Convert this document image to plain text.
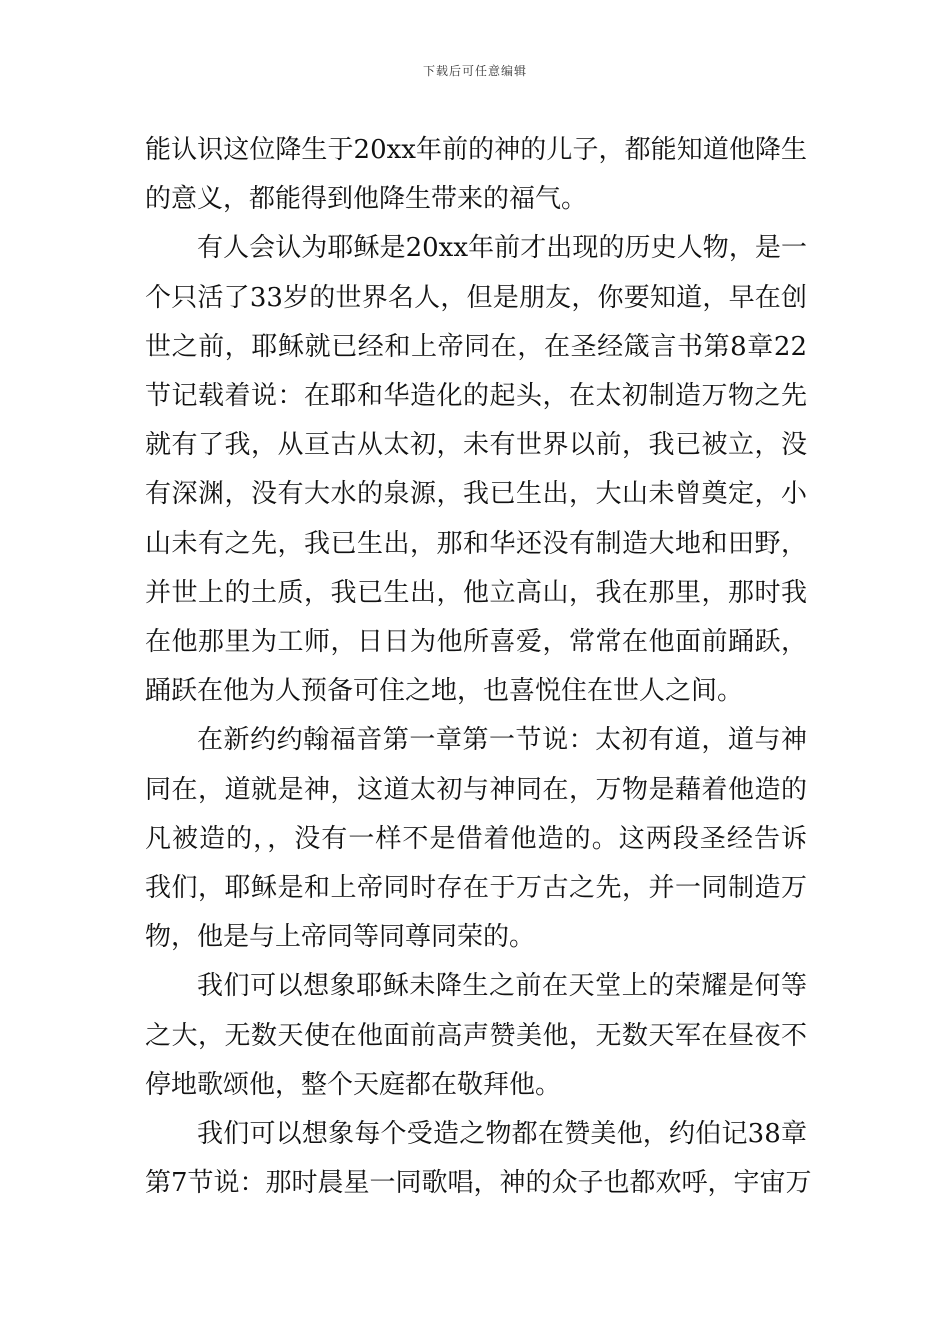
下载后可任意编辑

能认识这位降生于20xx年前的神的儿子，都能知道他降生
的意义，都能得到他降生带来的福气。

有人会认为耶稣是20xx年前才出现的历史人物，是一
个只活了33岁的世界名人，但是朋友，你要知道，早在创
世之前，耶稣就已经和上帝同在，在圣经箴言书第8章22
节记载着说：在耶和华造化的起头，在太初制造万物之先
就有了我，从亘古从太初，未有世界以前，我已被立，没
有深渊，没有大水的泉源，我已生出，大山未曾奠定，小
山未有之先，我已生出，那和华还没有制造大地和田野，
并世上的土质，我已生出，他立高山，我在那里，那时我
在他那里为工师，日日为他所喜爱，常常在他面前踊跃，
踊跃在他为人预备可住之地，也喜悦住在世人之间。

在新约约翰福音第一章第一节说：太初有道，道与神
同在，道就是神，这道太初与神同在，万物是藉着他造的
凡被造的，，没有一样不是借着他造的。这两段圣经告诉
我们，耶稣是和上帝同时存在于万古之先，并一同制造万
物，他是与上帝同等同尊同荣的。

我们可以想象耶稣未降生之前在天堂上的荣耀是何等
之大，无数天使在他面前高声赞美他，无数天军在昼夜不
停地歌颂他，整个天庭都在敬拜他。

我们可以想象每个受造之物都在赞美他，约伯记38章
第7节说：那时晨星一同歌唱，神的众子也都欢呼，宇宙万
